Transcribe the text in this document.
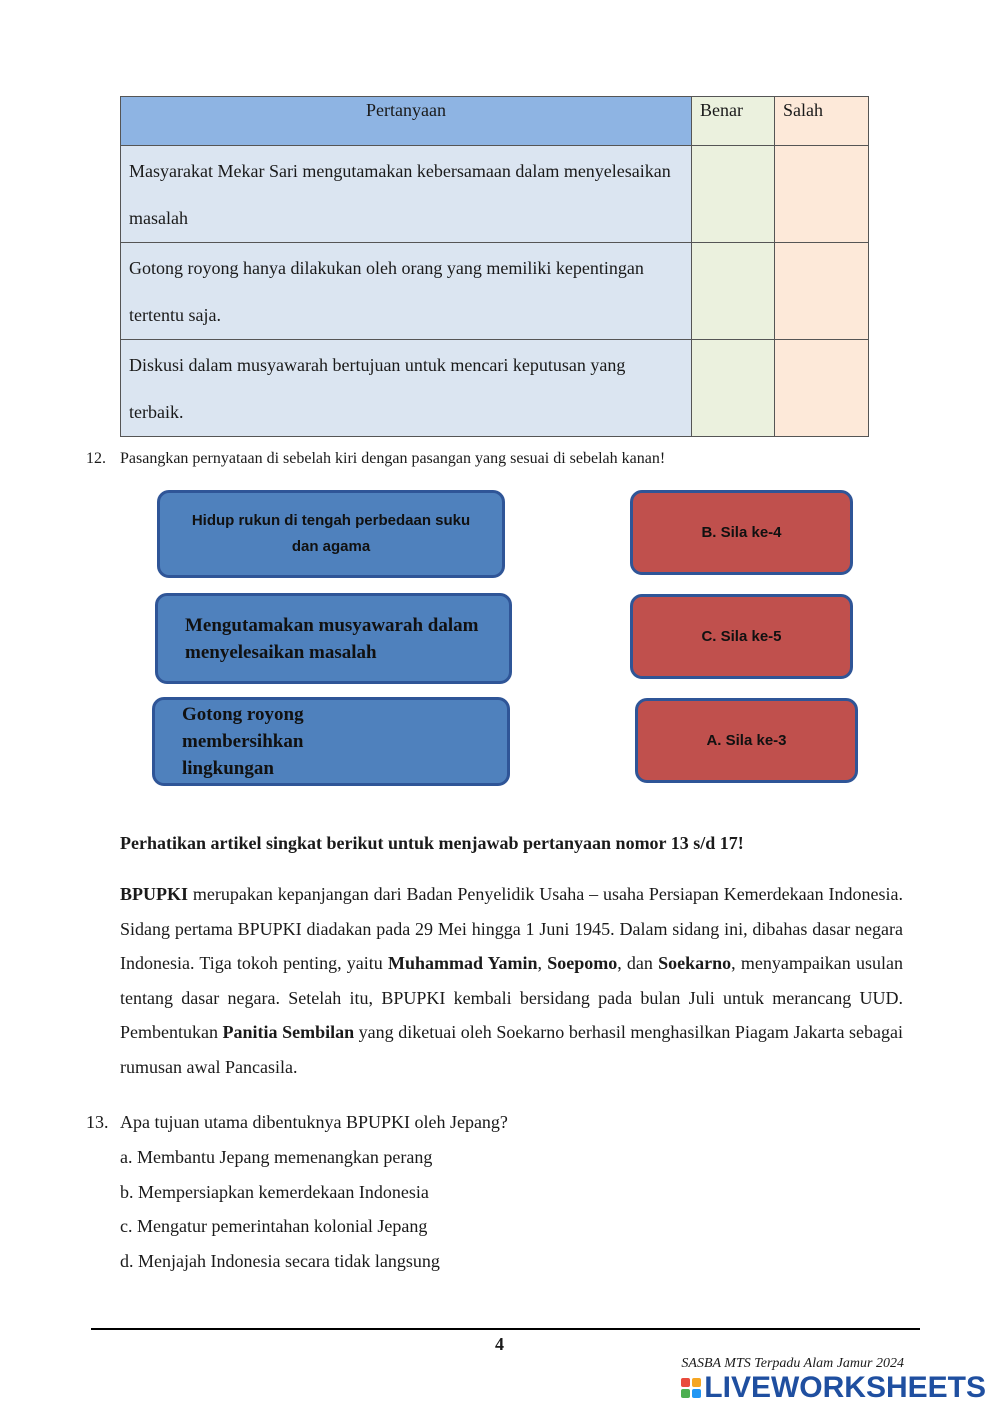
Pertanyaan	Benar	Salah
Masyarakat Mekar Sari mengutamakan kebersamaan dalam menyelesaikan masalah		
Gotong royong hanya dilakukan oleh orang yang memiliki kepentingan tertentu saja.		
Diskusi dalam musyawarah bertujuan untuk mencari keputusan yang terbaik.		
12. Pasangkan pernyataan di sebelah kiri dengan pasangan yang sesuai di sebelah kanan!
Hidup rukun di tengah perbedaan suku dan agama
Mengutamakan musyawarah dalam menyelesaikan masalah
Gotong royong membersihkan lingkungan
B. Sila ke-4
C. Sila ke-5
A. Sila ke-3
Perhatikan artikel singkat berikut untuk menjawab pertanyaan nomor 13 s/d 17!
BPUPKI merupakan kepanjangan dari Badan Penyelidik Usaha – usaha Persiapan Kemerdekaan Indonesia. Sidang pertama BPUPKI diadakan pada 29 Mei hingga 1 Juni 1945. Dalam sidang ini, dibahas dasar negara Indonesia. Tiga tokoh penting, yaitu Muhammad Yamin, Soepomo, dan Soekarno, menyampaikan usulan tentang dasar negara. Setelah itu, BPUPKI kembali bersidang pada bulan Juli untuk merancang UUD. Pembentukan Panitia Sembilan yang diketuai oleh Soekarno berhasil menghasilkan Piagam Jakarta sebagai rumusan awal Pancasila.
13. Apa tujuan utama dibentuknya BPUPKI oleh Jepang?
a. Membantu Jepang memenangkan perang
b. Mempersiapkan kemerdekaan Indonesia
c. Mengatur pemerintahan kolonial Jepang
d. Menjajah Indonesia secara tidak langsung
4
SASBA MTS Terpadu Alam Jamur 2024
LIVEWORKSHEETS
